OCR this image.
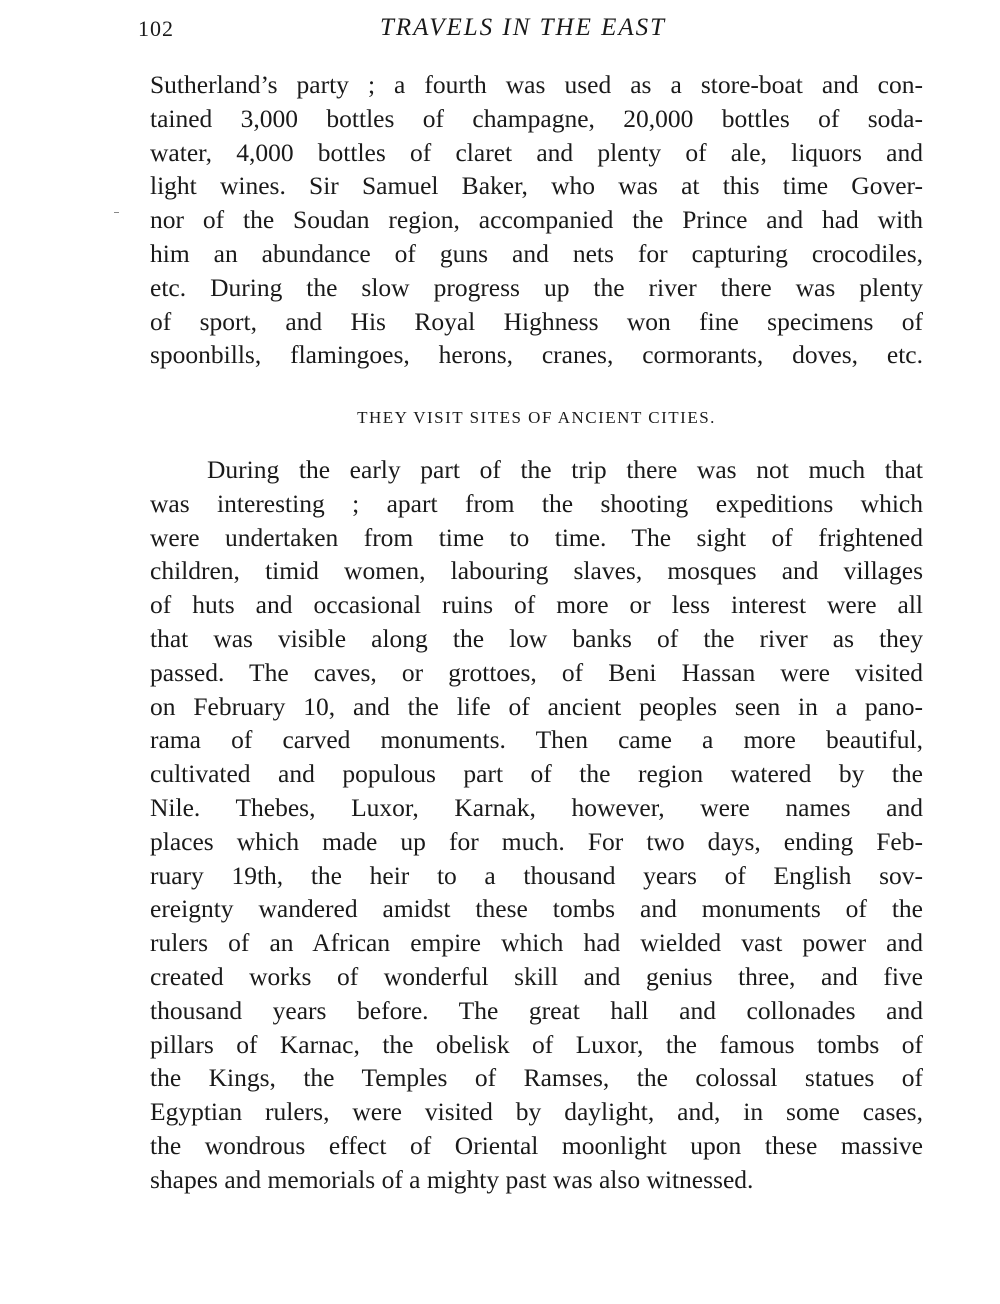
102	TRAVELS IN THE EAST
Sutherland’s party ; a fourth was used as a store-boat and con-
tained 3,000 bottles of champagne, 20,000 bottles of soda-
water, 4,000 bottles of claret and plenty of ale, liquors and
light wines. Sir Samuel Baker, who was at this time Gover-
nor of the Soudan region, accompanied the Prince and had with
him an abundance of guns and nets for capturing crocodiles,
etc. During the slow progress up the river there was plenty
of sport, and His Royal Highness won fine specimens of
spoonbills, flamingoes, herons, cranes, cormorants, doves, etc.
THEY VISIT SITES OF ANCIENT CITIES.
During the early part of the trip there was not much that
was interesting ; apart from the shooting expeditions which
were undertaken from time to time. The sight of frightened
children, timid women, labouring slaves, mosques and villages
of huts and occasional ruins of more or less interest were all
that was visible along the low banks of the river as they
passed. The caves, or grottoes, of Beni Hassan were visited
on February 10, and the life of ancient peoples seen in a pano-
rama of carved monuments. Then came a more beautiful,
cultivated and populous part of the region watered by the
Nile. Thebes, Luxor, Karnak, however, were names and
places which made up for much. For two days, ending Feb-
ruary 19th, the heir to a thousand years of English sov-
ereignty wandered amidst these tombs and monuments of the
rulers of an African empire which had wielded vast power and
created works of wonderful skill and genius three, and five
thousand years before. The great hall and collonades and
pillars of Karnac, the obelisk of Luxor, the famous tombs of
the Kings, the Temples of Ramses, the colossal statues of
Egyptian rulers, were visited by daylight, and, in some cases,
the wondrous effect of Oriental moonlight upon these massive
shapes and memorials of a mighty past was also witnessed.
